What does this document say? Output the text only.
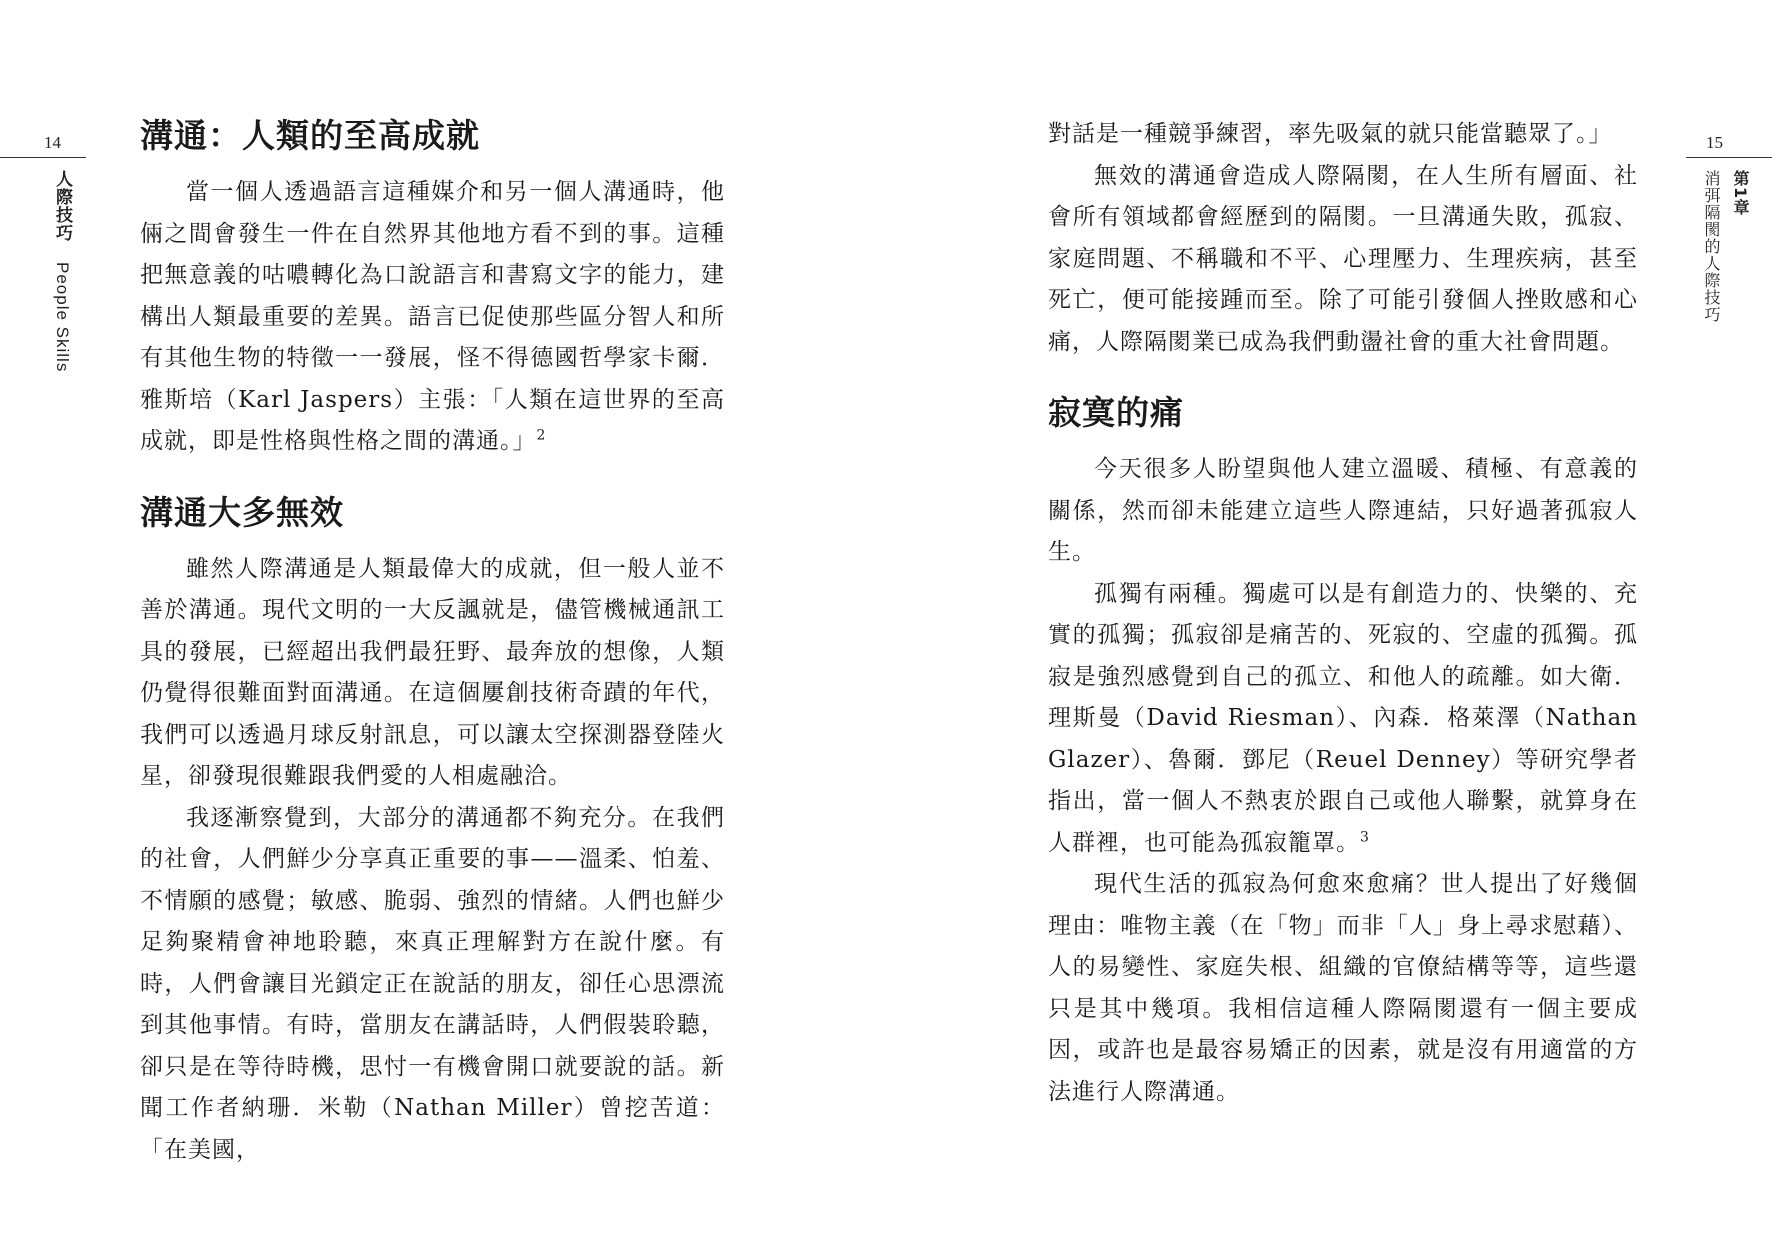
14
人際技巧 People Skills
溝通：人類的至高成就

當一個人透過語言這種媒介和另一個人溝通時，他倆之間會發生一件在自然界其他地方看不到的事。這種把無意義的咕噥轉化為口說語言和書寫文字的能力，建構出人類最重要的差異。語言已促使那些區分智人和所有其他生物的特徵一一發展，怪不得德國哲學家卡爾．雅斯培（Karl Jaspers）主張：「人類在這世界的至高成就，即是性格與性格之間的溝通。」$^2$

溝通大多無效

雖然人際溝通是人類最偉大的成就，但一般人並不善於溝通。現代文明的一大反諷就是，儘管機械通訊工具的發展，已經超出我們最狂野、最奔放的想像，人類仍覺得很難面對面溝通。在這個屢創技術奇蹟的年代，我們可以透過月球反射訊息，可以讓太空探測器登陸火星，卻發現很難跟我們愛的人相處融洽。

我逐漸察覺到，大部分的溝通都不夠充分。在我們的社會，人們鮮少分享真正重要的事——溫柔、怕羞、不情願的感覺；敏感、脆弱、強烈的情緒。人們也鮮少足夠聚精會神地聆聽，來真正理解對方在說什麼。有時，人們會讓目光鎖定正在說話的朋友，卻任心思漂流到其他事情。有時，當朋友在講話時，人們假裝聆聽，卻只是在等待時機，思忖一有機會開口就要說的話。新聞工作者納珊．米勒（Nathan Miller）曾挖苦道：「在美國，

15

對話是一種競爭練習，率先吸氣的就只能當聽眾了。」

無效的溝通會造成人際隔閡，在人生所有層面、社會所有領域都會經歷到的隔閡。一旦溝通失敗，孤寂、家庭問題、不稱職和不平、心理壓力、生理疾病，甚至死亡，便可能接踵而至。除了可能引發個人挫敗感和心痛，人際隔閡業已成為我們動盪社會的重大社會問題。

寂寞的痛

今天很多人盼望與他人建立溫暖、積極、有意義的關係，然而卻未能建立這些人際連結，只好過著孤寂人生。

孤獨有兩種。獨處可以是有創造力的、快樂的、充實的孤獨；孤寂卻是痛苦的、死寂的、空虛的孤獨。孤寂是強烈感覺到自己的孤立、和他人的疏離。如大衛．理斯曼（David Riesman）、內森．格萊澤（Nathan Glazer）、魯爾．鄧尼（Reuel Denney）等研究學者指出，當一個人不熱衷於跟自己或他人聯繫，就算身在人群裡，也可能為孤寂籠罩。$^3$

現代生活的孤寂為何愈來愈痛？世人提出了好幾個理由：唯物主義（在「物」而非「人」身上尋求慰藉）、人的易變性、家庭失根、組織的官僚結構等等，這些還只是其中幾項。我相信這種人際隔閡還有一個主要成因，或許也是最容易矯正的因素，就是沒有用適當的方法進行人際溝通。

第1章
消弭隔閡的人際技巧
